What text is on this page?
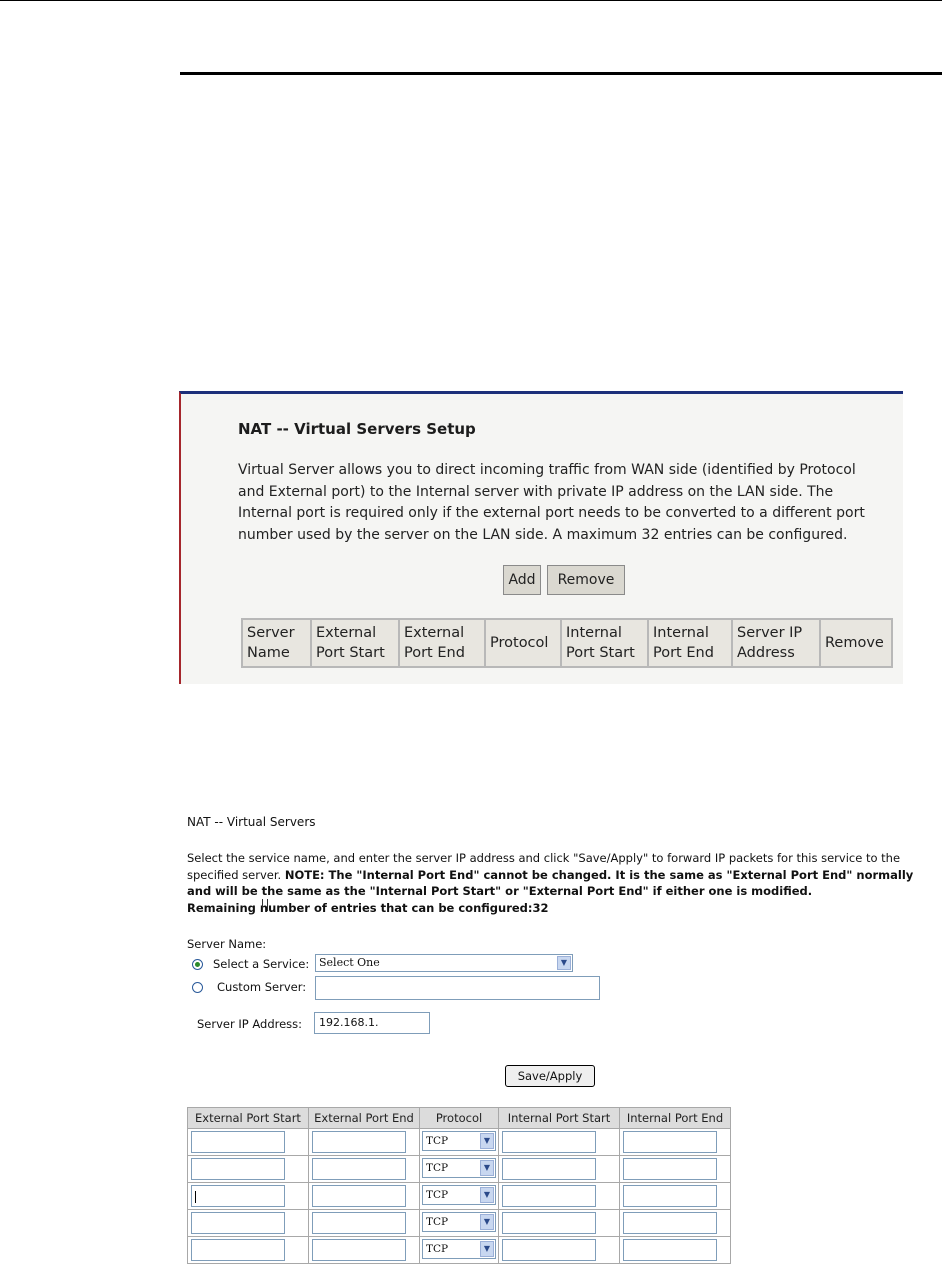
NAT -- Virtual Servers Setup
Virtual Server allows you to direct incoming traffic from WAN side (identified by Protocol and External port) to the Internal server with private IP address on the LAN side. The Internal port is required only if the external port needs to be converted to a different port number used by the server on the LAN side. A maximum 32 entries can be configured.
Add	Remove
Server Name	External Port Start	External Port End	Protocol	Internal Port Start	Internal Port End	Server IP Address	Remove
NAT -- Virtual Servers
Select the service name, and enter the server IP address and click "Save/Apply" to forward IP packets for this service to the specified server. NOTE: The "Internal Port End" cannot be changed. It is the same as "External Port End" normally and will be the same as the "Internal Port Start" or "External Port End" if either one is modified.
Remaining number of entries that can be configured:32
Server Name:
Select a Service: Select One	▼
Custom Server:
Server IP Address:	192.168.1.
Save/Apply
External Port Start	External Port End	Protocol	Internal Port Start	Internal Port End

		TCP ▼		

		TCP ▼		

		TCP ▼		

		TCP ▼		

		TCP ▼		
